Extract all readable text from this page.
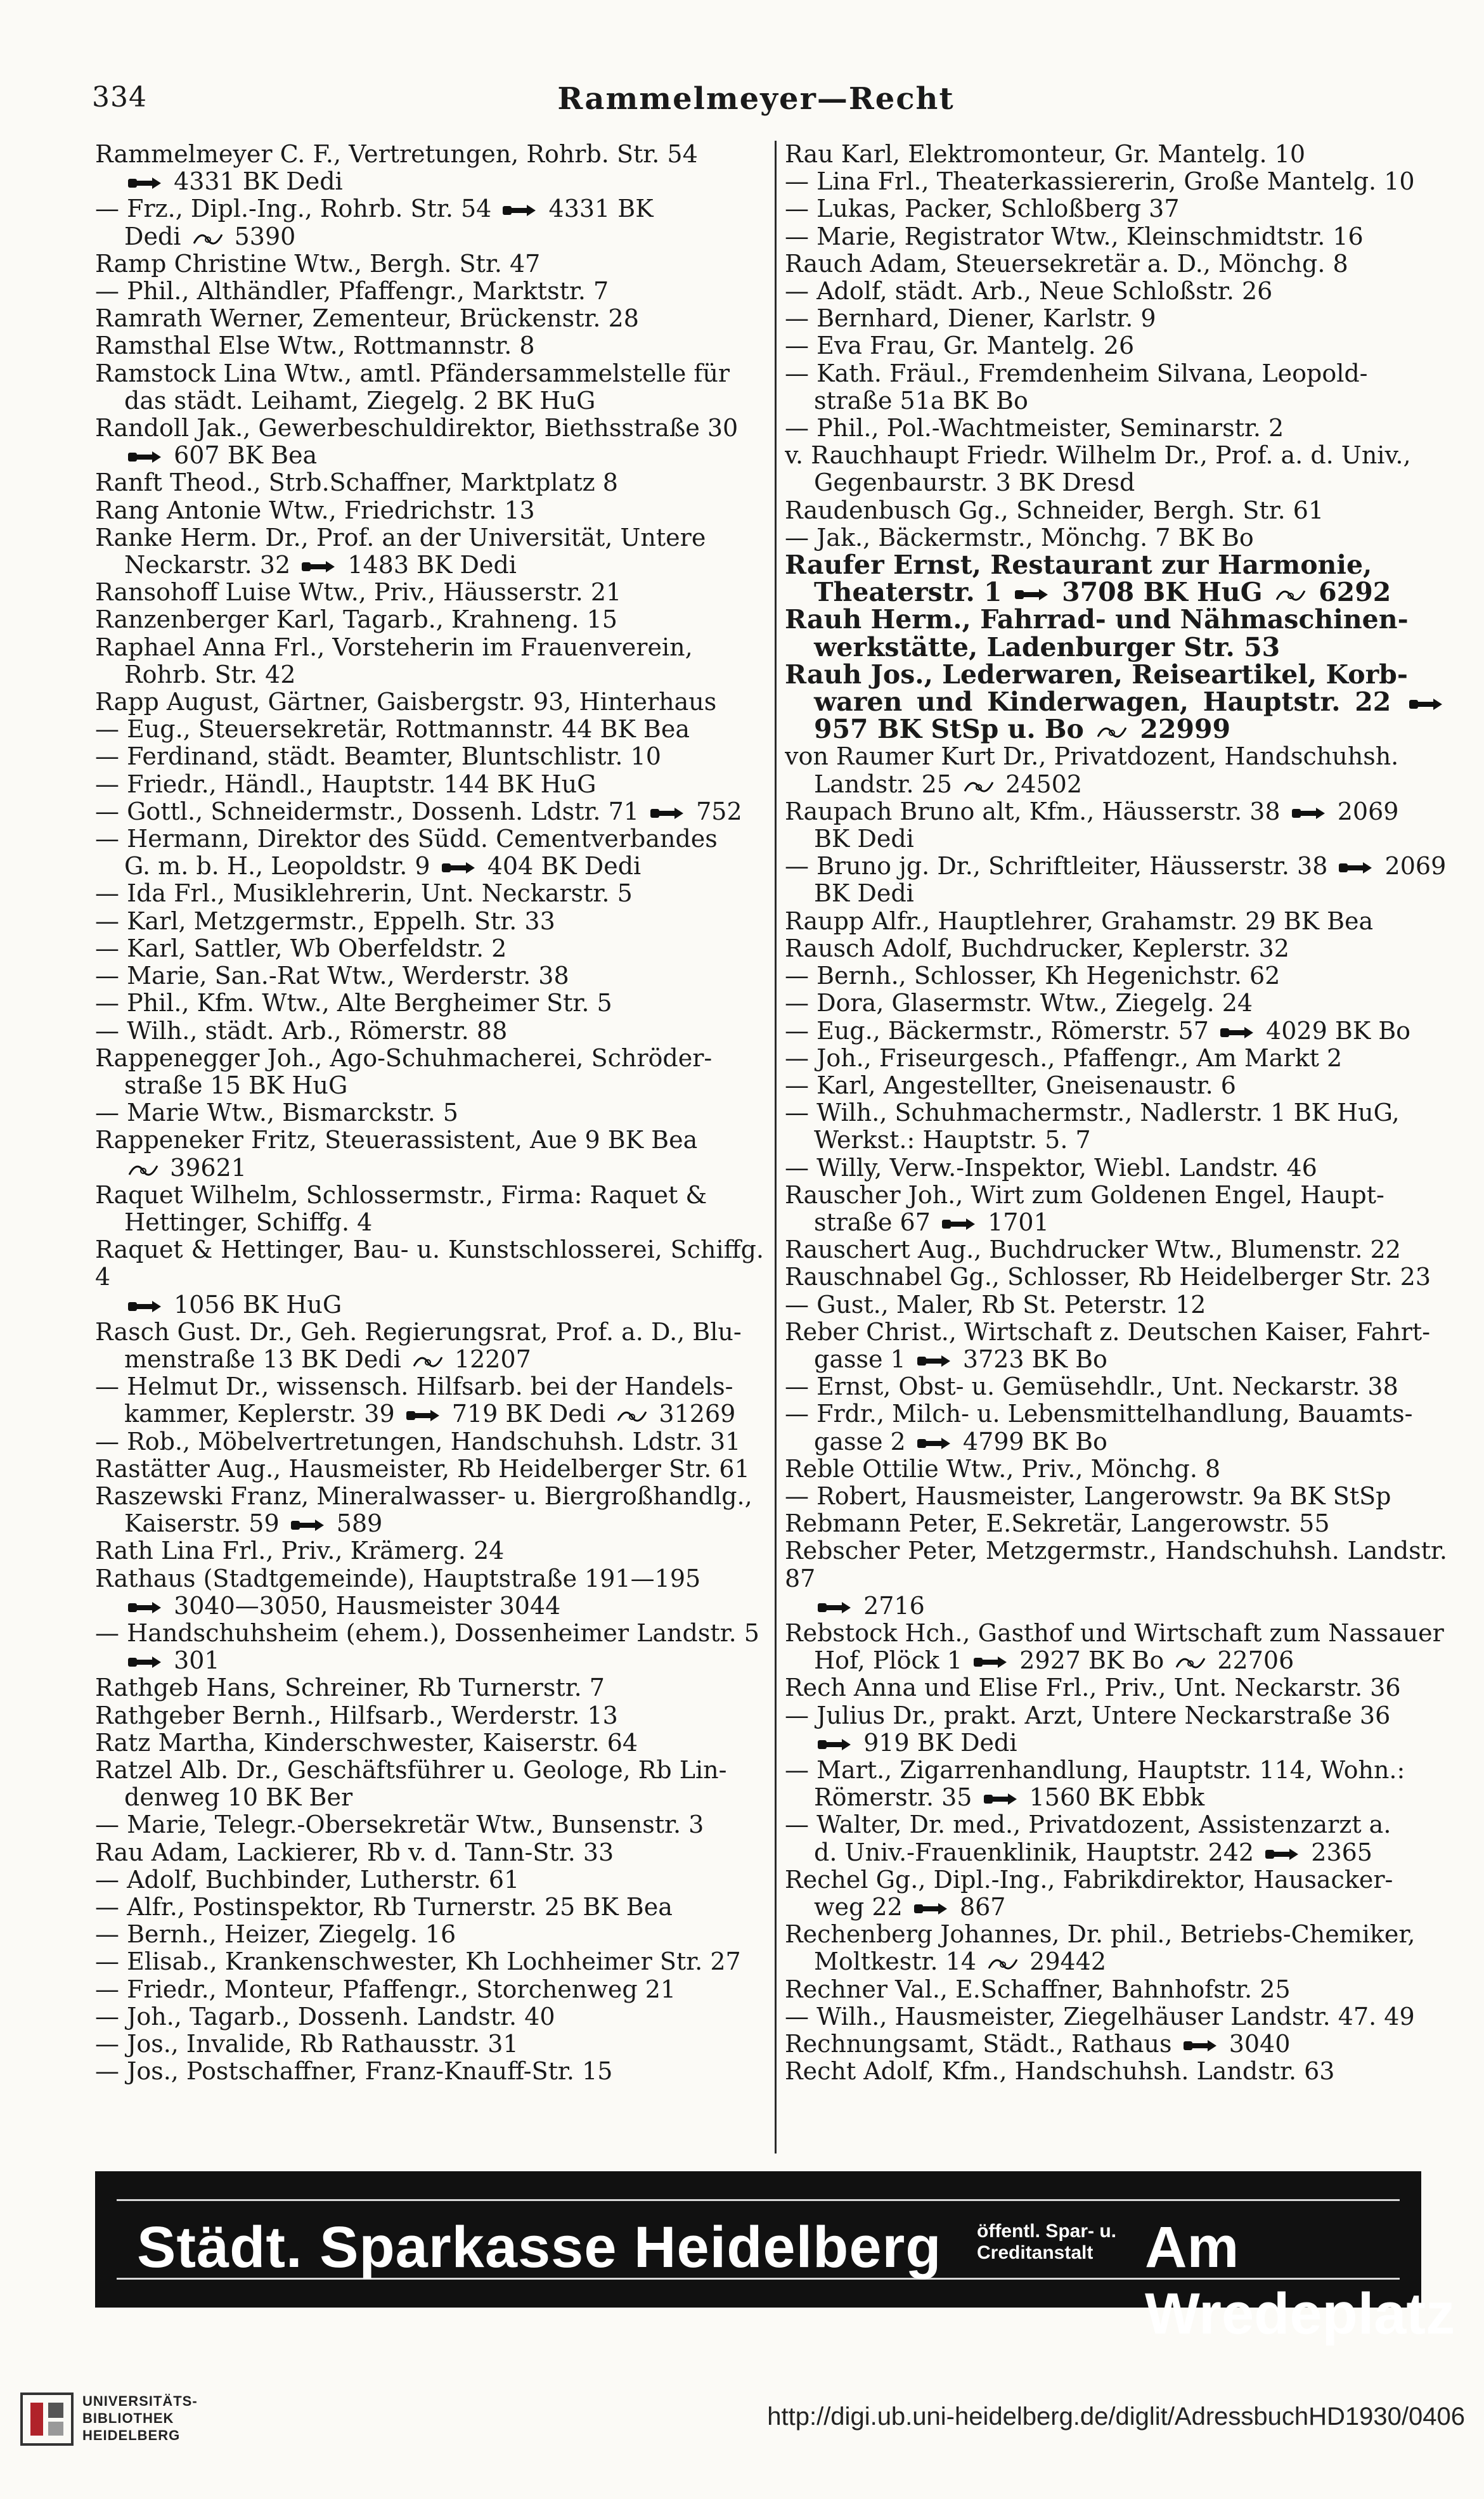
334	Rammelmeyer—Recht

Rammelmeyer C. F., Vertretungen, Rohrb. Str. 54
4331 BK Dedi

— Frz., Dipl.-Ing., Rohrb. Str. 54
4331 BK
Dedi
5390

Ramp Christine Wtw., Bergh. Str. 47

— Phil., Althändler, Pfaffengr., Marktstr. 7

Ramrath Werner, Zementeur, Brückenstr. 28

Ramsthal Else Wtw., Rottmannstr. 8

Ramstock Lina Wtw., amtl. Pfändersammelstelle für
das städt. Leihamt, Ziegelg. 2 BK HuG

Randoll Jak., Gewerbeschuldirektor, Biethsstraße 30
607 BK Bea

Ranft Theod., Strb.Schaffner, Marktplatz 8

Rang Antonie Wtw., Friedrichstr. 13

Ranke Herm. Dr., Prof. an der Universität, Untere
Neckarstr. 32
1483 BK Dedi

Ransohoff Luise Wtw., Priv., Häusserstr. 21

Ranzenberger Karl, Tagarb., Krahneng. 15

Raphael Anna Frl., Vorsteherin im Frauenverein,
Rohrb. Str. 42

Rapp August, Gärtner, Gaisbergstr. 93, Hinterhaus

— Eug., Steuersekretär, Rottmannstr. 44 BK Bea

— Ferdinand, städt. Beamter, Bluntschlistr. 10

— Friedr., Händl., Hauptstr. 144 BK HuG

— Gottl., Schneidermstr., Dossenh. Ldstr. 71
752

— Hermann, Direktor des Südd. Cementverbandes
G. m. b. H., Leopoldstr. 9
404 BK Dedi

— Ida Frl., Musiklehrerin, Unt. Neckarstr. 5

— Karl, Metzgermstr., Eppelh. Str. 33

— Karl, Sattler, Wb Oberfeldstr. 2

— Marie, San.-Rat Wtw., Werderstr. 38

— Phil., Kfm. Wtw., Alte Bergheimer Str. 5

— Wilh., städt. Arb., Römerstr. 88

Rappenegger Joh., Ago-Schuhmacherei, Schröder-
straße 15 BK HuG

— Marie Wtw., Bismarckstr. 5

Rappeneker Fritz, Steuerassistent, Aue 9 BK Bea
39621

Raquet Wilhelm, Schlossermstr., Firma: Raquet &
Hettinger, Schiffg. 4

Raquet & Hettinger, Bau- u. Kunstschlosserei, Schiffg. 4
1056 BK HuG

Rasch Gust. Dr., Geh. Regierungsrat, Prof. a. D., Blu-
menstraße 13 BK Dedi
12207

— Helmut Dr., wissensch. Hilfsarb. bei der Handels-
kammer, Keplerstr. 39
719 BK Dedi
31269

— Rob., Möbelvertretungen, Handschuhsh. Ldstr. 31

Rastätter Aug., Hausmeister, Rb Heidelberger Str. 61

Raszewski Franz, Mineralwasser- u. Biergroßhandlg.,
Kaiserstr. 59
589

Rath Lina Frl., Priv., Krämerg. 24

Rathaus (Stadtgemeinde), Hauptstraße 191—195
3040—3050, Hausmeister 3044

— Handschuhsheim (ehem.), Dossenheimer Landstr. 5
301

Rathgeb Hans, Schreiner, Rb Turnerstr. 7

Rathgeber Bernh., Hilfsarb., Werderstr. 13

Ratz Martha, Kinderschwester, Kaiserstr. 64

Ratzel Alb. Dr., Geschäftsführer u. Geologe, Rb Lin-
denweg 10 BK Ber

— Marie, Telegr.-Obersekretär Wtw., Bunsenstr. 3

Rau Adam, Lackierer, Rb v. d. Tann-Str. 33

— Adolf, Buchbinder, Lutherstr. 61

— Alfr., Postinspektor, Rb Turnerstr. 25 BK Bea

— Bernh., Heizer, Ziegelg. 16

— Elisab., Krankenschwester, Kh Lochheimer Str. 27

— Friedr., Monteur, Pfaffengr., Storchenweg 21

— Joh., Tagarb., Dossenh. Landstr. 40

— Jos., Invalide, Rb Rathausstr. 31

— Jos., Postschaffner, Franz-Knauff-Str. 15

Rau Karl, Elektromonteur, Gr. Mantelg. 10

— Lina Frl., Theaterkassiererin, Große Mantelg. 10

— Lukas, Packer, Schloßberg 37

— Marie, Registrator Wtw., Kleinschmidtstr. 16

Rauch Adam, Steuersekretär a. D., Mönchg. 8

— Adolf, städt. Arb., Neue Schloßstr. 26

— Bernhard, Diener, Karlstr. 9

— Eva Frau, Gr. Mantelg. 26

— Kath. Fräul., Fremdenheim Silvana, Leopold-
straße 51a BK Bo

— Phil., Pol.-Wachtmeister, Seminarstr. 2

v. Rauchhaupt Friedr. Wilhelm Dr., Prof. a. d. Univ.,
Gegenbaurstr. 3 BK Dresd

Raudenbusch Gg., Schneider, Bergh. Str. 61

— Jak., Bäckermstr., Mönchg. 7 BK Bo

Raufer Ernst, Restaurant zur Harmonie,
Theaterstr. 1
3708 BK HuG
6292

Rauh Herm., Fahrrad- und Nähmaschinen-
werkstätte, Ladenburger Str. 53

Rauh Jos., Lederwaren, Reiseartikel, Korb-
waren und Kinderwagen, Hauptstr. 22
957 BK StSp u. Bo
22999

von Raumer Kurt Dr., Privatdozent, Handschuhsh.
Landstr. 25
24502

Raupach Bruno alt, Kfm., Häusserstr. 38
2069
BK Dedi

— Bruno jg. Dr., Schriftleiter, Häusserstr. 38
2069
BK Dedi

Raupp Alfr., Hauptlehrer, Grahamstr. 29 BK Bea

Rausch Adolf, Buchdrucker, Keplerstr. 32

— Bernh., Schlosser, Kh Hegenichstr. 62

— Dora, Glasermstr. Wtw., Ziegelg. 24

— Eug., Bäckermstr., Römerstr. 57
4029 BK Bo

— Joh., Friseurgesch., Pfaffengr., Am Markt 2

— Karl, Angestellter, Gneisenaustr. 6

— Wilh., Schuhmachermstr., Nadlerstr. 1 BK HuG,
Werkst.: Hauptstr. 5. 7

— Willy, Verw.-Inspektor, Wiebl. Landstr. 46

Rauscher Joh., Wirt zum Goldenen Engel, Haupt-
straße 67
1701

Rauschert Aug., Buchdrucker Wtw., Blumenstr. 22

Rauschnabel Gg., Schlosser, Rb Heidelberger Str. 23

— Gust., Maler, Rb St. Peterstr. 12

Reber Christ., Wirtschaft z. Deutschen Kaiser, Fahrt-
gasse 1
3723 BK Bo

— Ernst, Obst- u. Gemüsehdlr., Unt. Neckarstr. 38

— Frdr., Milch- u. Lebensmittelhandlung, Bauamts-
gasse 2
4799 BK Bo

Reble Ottilie Wtw., Priv., Mönchg. 8

— Robert, Hausmeister, Langerowstr. 9a BK StSp

Rebmann Peter, E.Sekretär, Langerowstr. 55

Rebscher Peter, Metzgermstr., Handschuhsh. Landstr. 87
2716

Rebstock Hch., Gasthof und Wirtschaft zum Nassauer
Hof, Plöck 1
2927 BK Bo
22706

Rech Anna und Elise Frl., Priv., Unt. Neckarstr. 36

— Julius Dr., prakt. Arzt, Untere Neckarstraße 36
919 BK Dedi

— Mart., Zigarrenhandlung, Hauptstr. 114, Wohn.:
Römerstr. 35
1560 BK Ebbk

— Walter, Dr. med., Privatdozent, Assistenzarzt a.
d. Univ.-Frauenklinik, Hauptstr. 242
2365

Rechel Gg., Dipl.-Ing., Fabrikdirektor, Hausacker-
weg 22
867

Rechenberg Johannes, Dr. phil., Betriebs-Chemiker,
Moltkestr. 14
29442

Rechner Val., E.Schaffner, Bahnhofstr. 25

— Wilh., Hausmeister, Ziegelhäuser Landstr. 47. 49

Rechnungsamt, Städt., Rathaus
3040

Recht Adolf, Kfm., Handschuhsh. Landstr. 63

Städt. Sparkasse Heidelberg öffentl. Spar- u.
Creditanstalt Am Wredeplatz
UNIVERSITÄTS-
BIBLIOTHEK
HEIDELBERG
http://digi.ub.uni-heidelberg.de/diglit/AdressbuchHD1930/0406
